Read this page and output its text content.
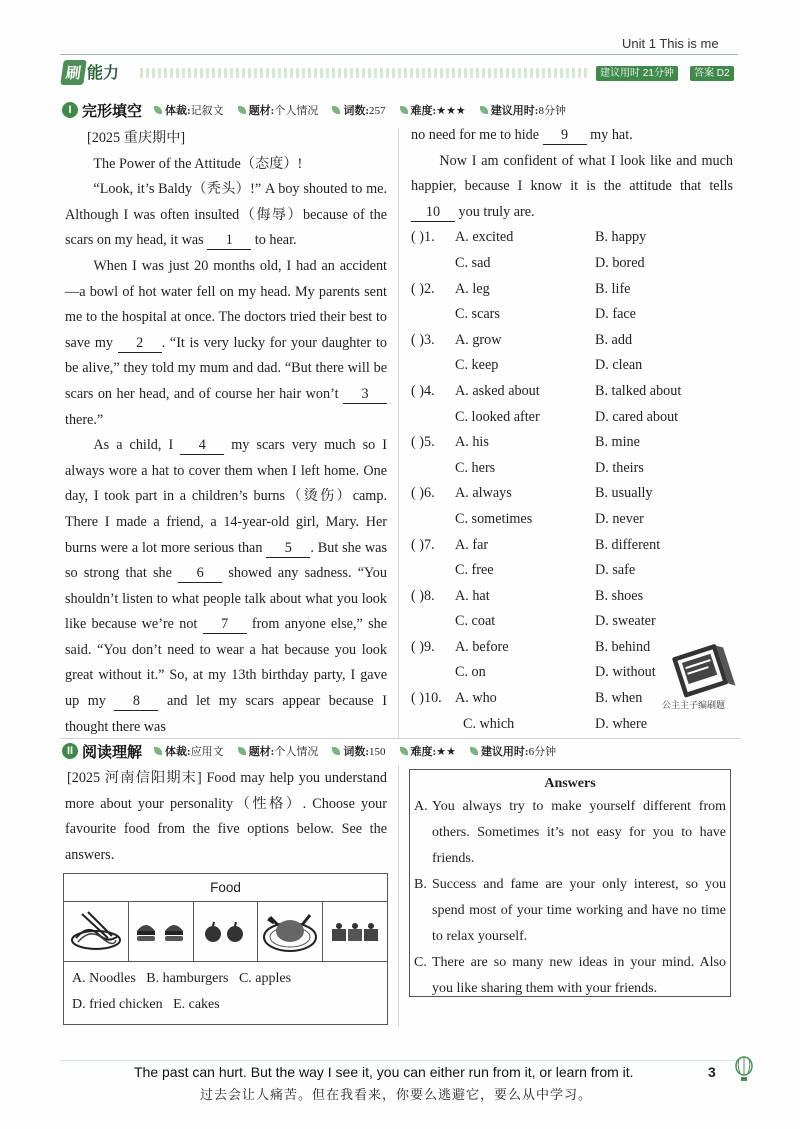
Unit 1 This is me
刷 能力	建议用时 21分钟	答案 D2
I 完形填空	体裁:记叙文 题材:个人情况 词数:257 难度:★★★ 建议用时:8分钟
[2025 重庆期中]
The Power of the Attitude（态度）!
“Look, it’s Baldy（秃头）!” A boy shouted to me. Although I was often insulted（侮辱）because of the scars on my head, it was 1 to hear.
When I was just 20 months old, I had an accident—a bowl of hot water fell on my head. My parents sent me to the hospital at once. The doctors tried their best to save my 2 . “It is very lucky for your daughter to be alive,” they told my mum and dad. “But there will be scars on her head, and of course her hair won’t 3 there.”
As a child, I 4 my scars very much so I always wore a hat to cover them when I left home. One day, I took part in a children’s burns（烫伤）camp. There I made a friend, a 14-year-old girl, Mary. Her burns were a lot more serious than 5 . But she was so strong that she 6 showed any sadness. “You shouldn’t listen to what people talk about what you look like because we’re not 7 from anyone else,” she said. “You don’t need to wear a hat because you look great without it.” So, at my 13th birthday party, I gave up my 8 and let my scars appear because I thought there was
no need for me to hide 9 my hat.
Now I am confident of what I look like and much happier, because I know it is the attitude that tells 10 you truly are.
( )1.	A. excited	B. happy
C. sad	D. bored
( )2.	A. leg	B. life
C. scars	D. face
( )3.	A. grow	B. add
C. keep	D. clean
( )4.	A. asked about	B. talked about
C. looked after	D. cared about
( )5.	A. his	B. mine
C. hers	D. theirs
( )6.	A. always	B. usually
C. sometimes	D. never
( )7.	A. far	B. different
C. free	D. safe
( )8.	A. hat	B. shoes
C. coat	D. sweater
( )9.	A. before	B. behind
C. on	D. without
( )10. A. who	B. when
C. which	D. where
公主主子编刷题
II 阅读理解	体裁:应用文 题材:个人情况 词数:150 难度:★★ 建议用时:6分钟
[2025 河南信阳期末] Food may help you understand more about your personality（性格）. Choose your favourite food from the five options below. See the answers.
Food
A. Noodles   B. hamburgers   C. apples
D. fried chicken   E. cakes
Answers
A. You always try to make yourself different from others. Sometimes it’s not easy for you to have friends.
B. Success and fame are your only interest, so you spend most of your time working and have no time to relax yourself.
C. There are so many new ideas in your mind. Also you like sharing them with your friends.
The past can hurt. But the way I see it, you can either run from it, or learn from it.
过去会让人痛苦。但在我看来，你要么逃避它，要么从中学习。
3
